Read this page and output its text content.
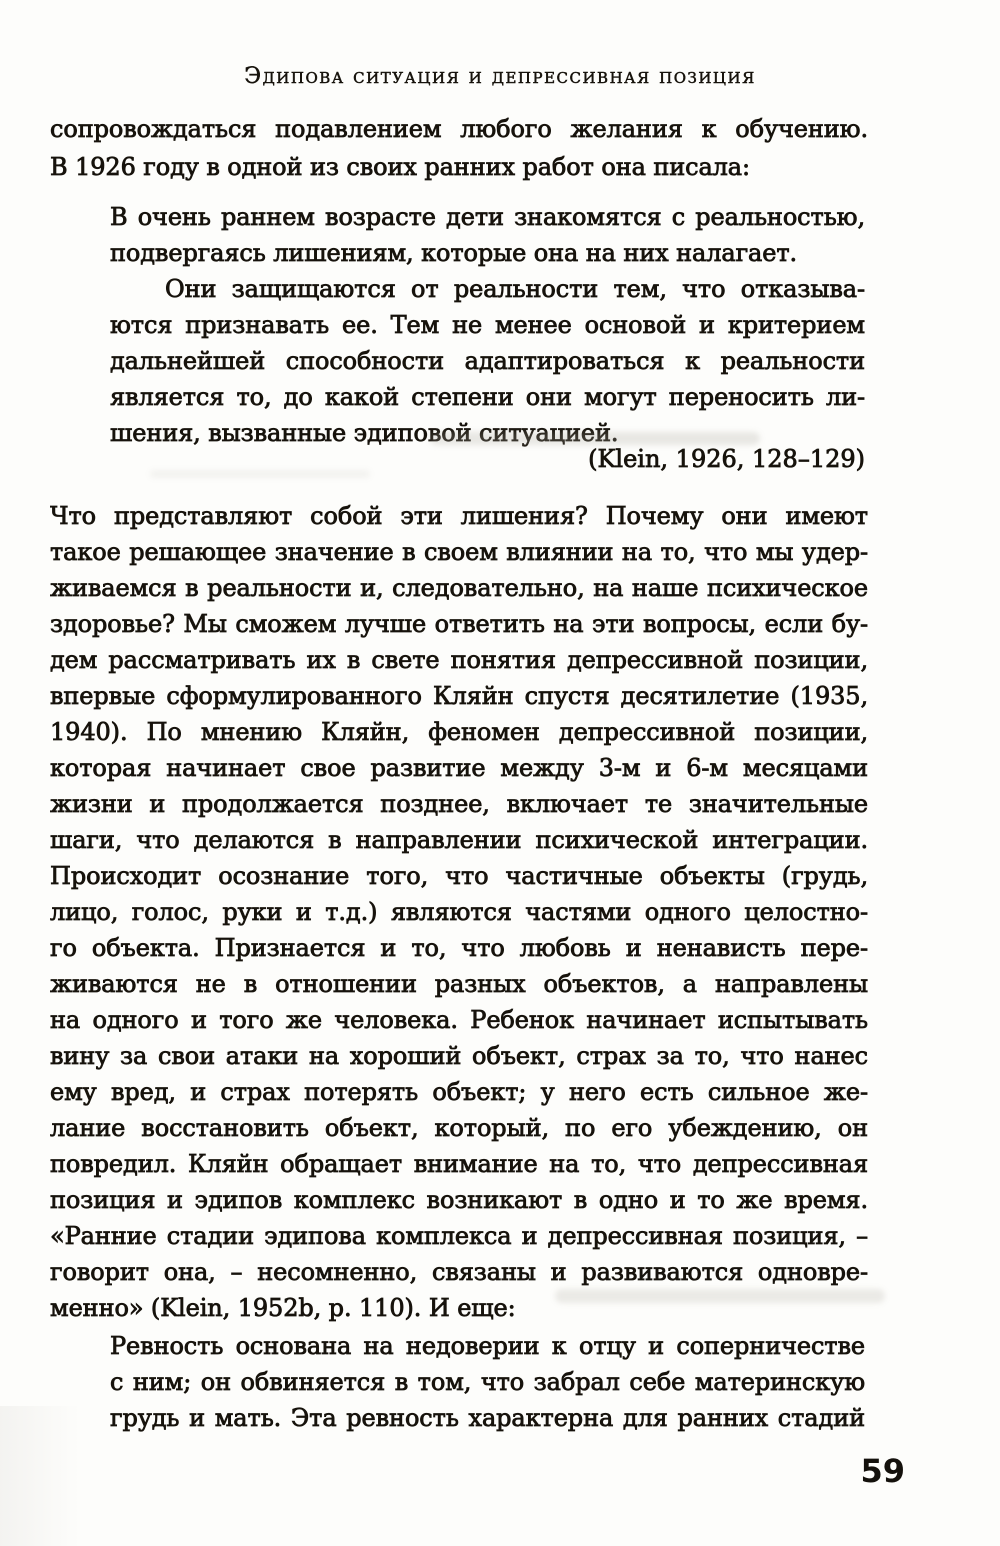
Эдипова ситуация и депрессивная позиция
сопровождаться подавлением любого желания к обучению.
В 1926 году в одной из своих ранних работ она писала:
В очень раннем возрасте дети знакомятся с реальностью,
подвергаясь лишениям, которые она на них налагает.
Они защищаются от реальности тем, что отказыва-
ются признавать ее. Тем не менее основой и критерием
дальнейшей способности адаптироваться к реальности
является то, до какой степени они могут переносить ли-
шения, вызванные эдиповой ситуацией.
(Klein, 1926, 128–129)
Что представляют собой эти лишения? Почему они имеют
такое решающее значение в своем влиянии на то, что мы удер-
живаемся в реальности и, следовательно, на наше психическое
здоровье? Мы сможем лучше ответить на эти вопросы, если бу-
дем рассматривать их в свете понятия депрессивной позиции,
впервые сформулированного Кляйн спустя десятилетие (1935,
1940). По мнению Кляйн, феномен депрессивной позиции,
которая начинает свое развитие между 3-м и 6-м месяцами
жизни и продолжается позднее, включает те значительные
шаги, что делаются в направлении психической интеграции.
Происходит осознание того, что частичные объекты (грудь,
лицо, голос, руки и т.д.) являются частями одного целостно-
го объекта. Признается и то, что любовь и ненависть пере-
живаются не в отношении разных объектов, а направлены
на одного и того же человека. Ребенок начинает испытывать
вину за свои атаки на хороший объект, страх за то, что нанес
ему вред, и страх потерять объект; у него есть сильное же-
лание восстановить объект, который, по его убеждению, он
повредил. Кляйн обращает внимание на то, что депрессивная
позиция и эдипов комплекс возникают в одно и то же время.
«Ранние стадии эдипова комплекса и депрессивная позиция, –
говорит она, – несомненно, связаны и развиваются одновре-
менно» (Klein, 1952b, p. 110). И еще:
Ревность основана на недоверии к отцу и соперничестве
с ним; он обвиняется в том, что забрал себе материнскую
грудь и мать. Эта ревность характерна для ранних стадий
59
